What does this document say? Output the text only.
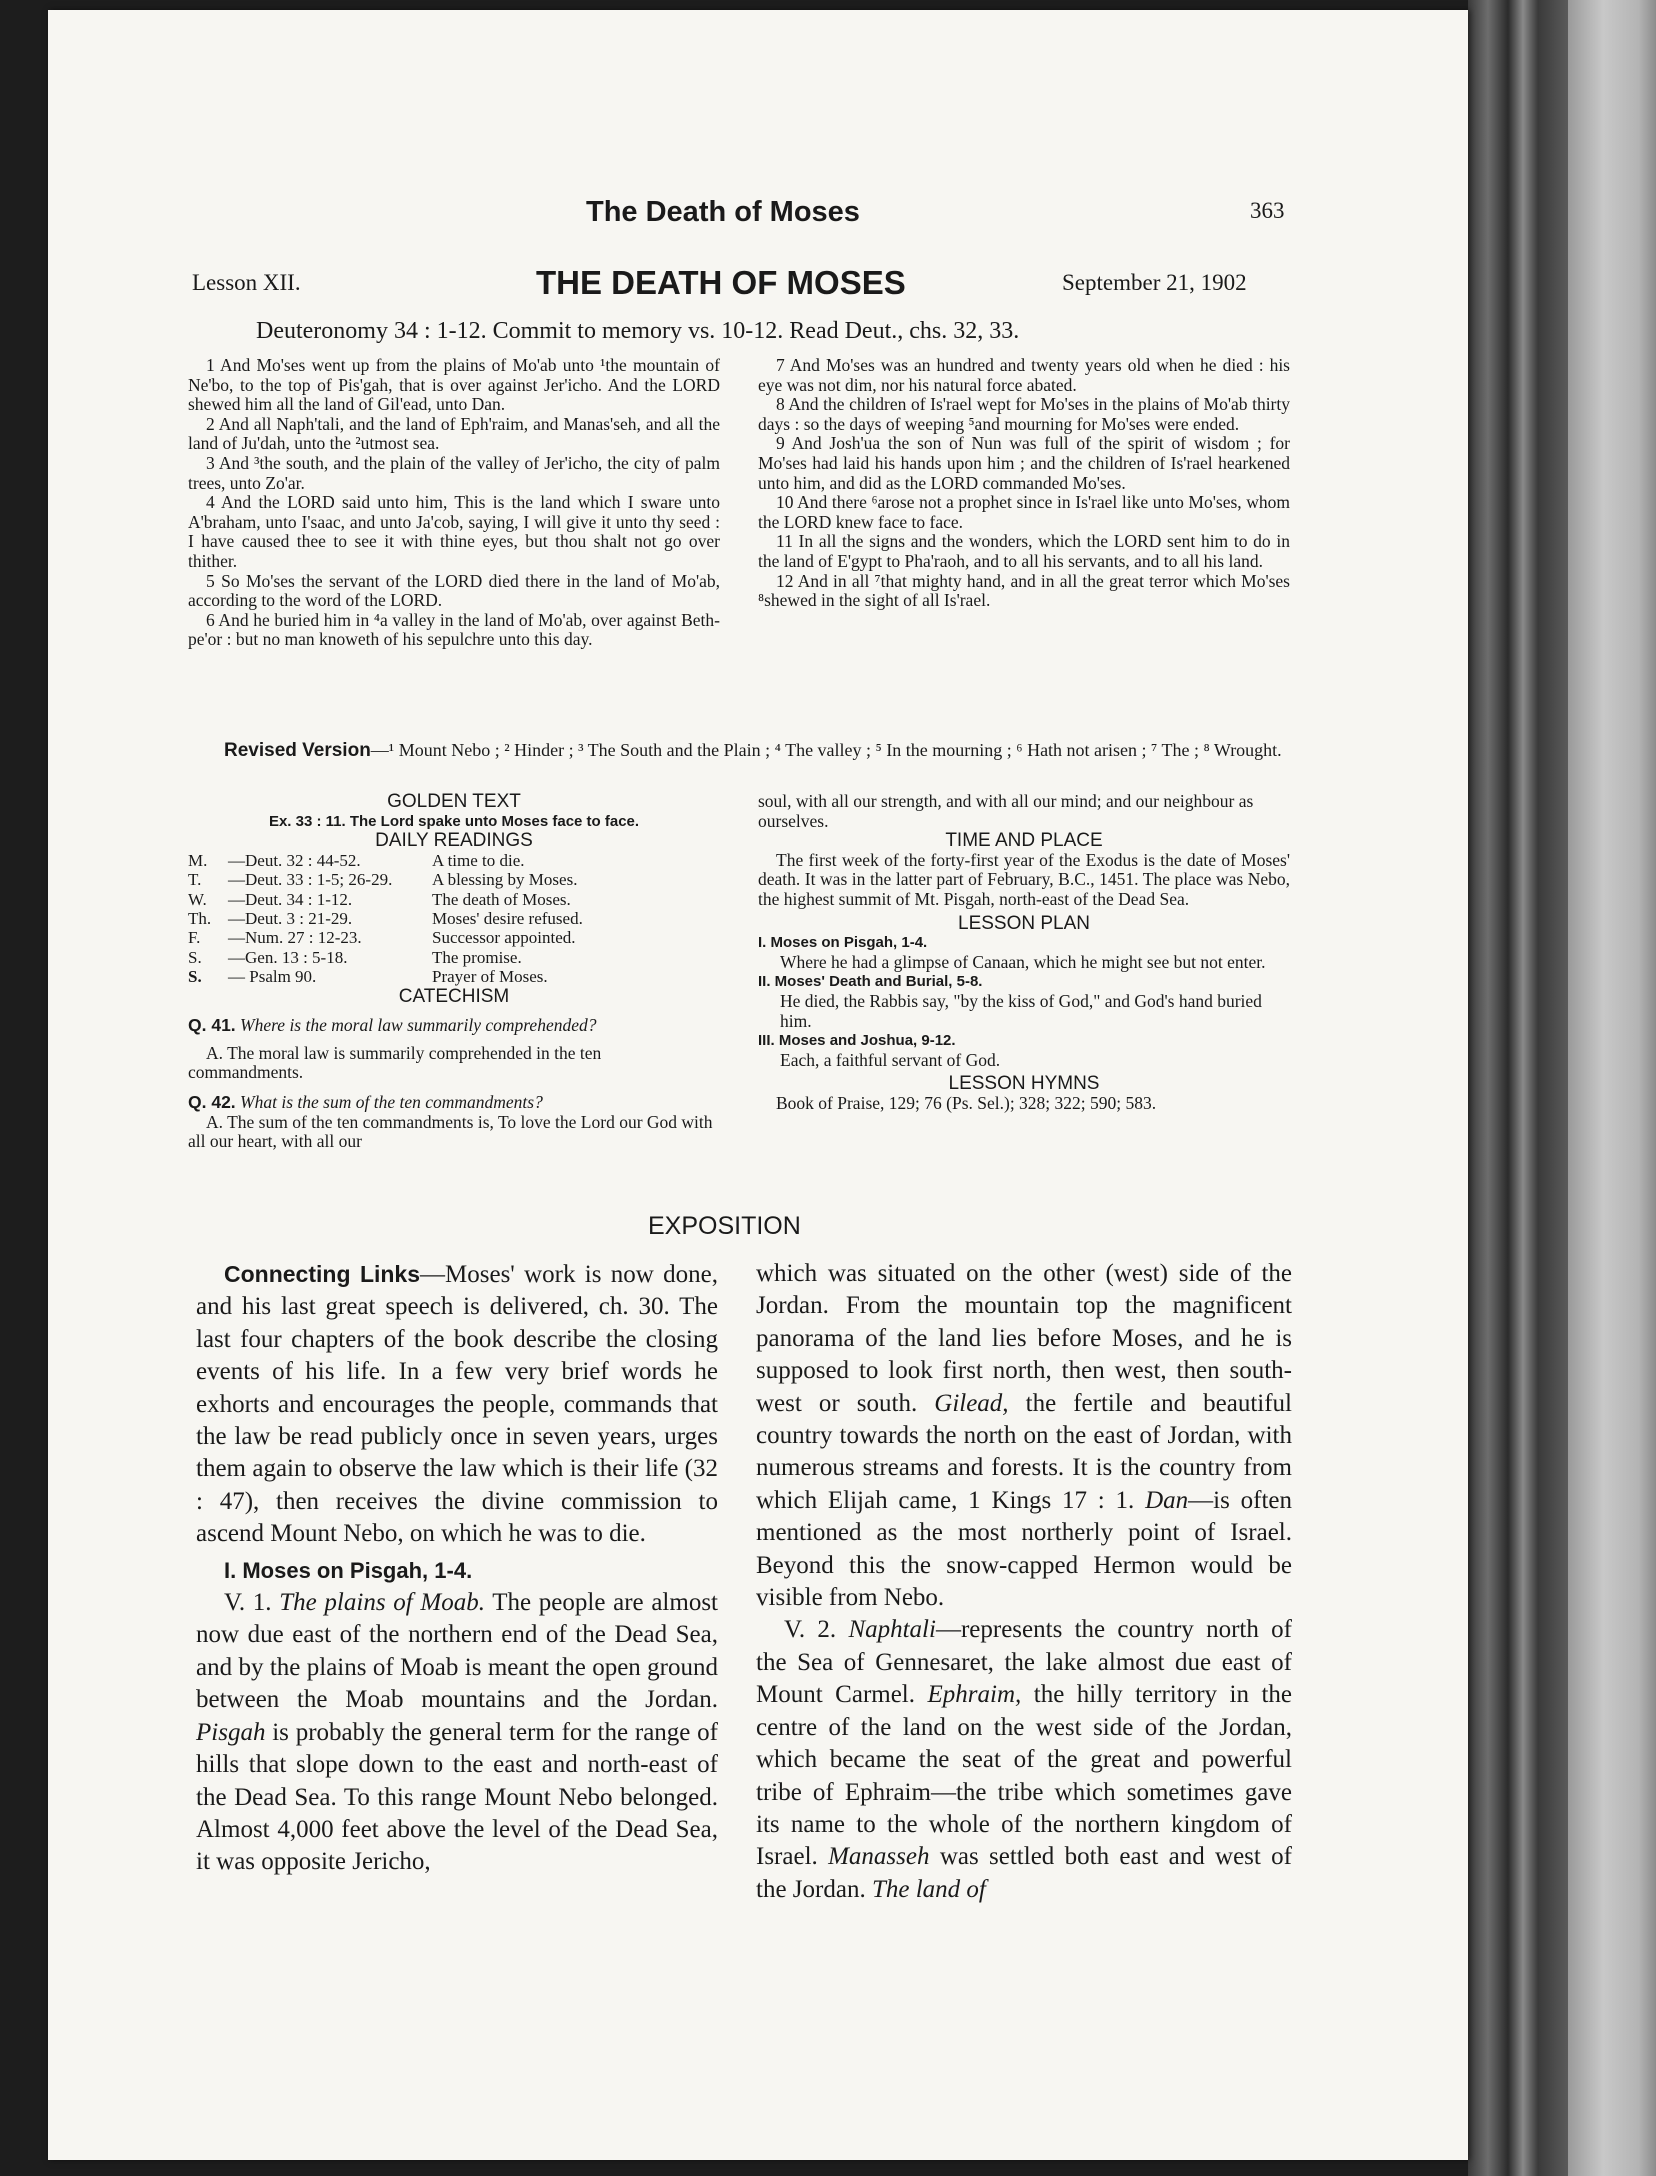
The Death of Moses	363
Lesson XII.	THE DEATH OF MOSES	September 21, 1902
Deuteronomy 34 : 1-12. Commit to memory vs. 10-12. Read Deut., chs. 32, 33.

1 And Mo'ses went up from the plains of Mo'ab unto ¹the mountain of Ne'bo, to the top of Pis'gah, that is over against Jer'icho. And the LORD shewed him all the land of Gil'ead, unto Dan.

2 And all Naph'tali, and the land of Eph'raim, and Manas'seh, and all the land of Ju'dah, unto the ²utmost sea.

3 And ³the south, and the plain of the valley of Jer'icho, the city of palm trees, unto Zo'ar.

4 And the LORD said unto him, This is the land which I sware unto A'braham, unto I'saac, and unto Ja'cob, saying, I will give it unto thy seed : I have caused thee to see it with thine eyes, but thou shalt not go over thither.

5 So Mo'ses the servant of the LORD died there in the land of Mo'ab, according to the word of the LORD.

6 And he buried him in ⁴a valley in the land of Mo'ab, over against Beth-pe'or : but no man knoweth of his sepulchre unto this day.

7 And Mo'ses was an hundred and twenty years old when he died : his eye was not dim, nor his natural force abated.

8 And the children of Is'rael wept for Mo'ses in the plains of Mo'ab thirty days : so the days of weeping ⁵and mourning for Mo'ses were ended.

9 And Josh'ua the son of Nun was full of the spirit of wisdom ; for Mo'ses had laid his hands upon him ; and the children of Is'rael hearkened unto him, and did as the LORD commanded Mo'ses.

10 And there ⁶arose not a prophet since in Is'rael like unto Mo'ses, whom the LORD knew face to face.

11 In all the signs and the wonders, which the LORD sent him to do in the land of E'gypt to Pha'raoh, and to all his servants, and to all his land.

12 And in all ⁷that mighty hand, and in all the great terror which Mo'ses ⁸shewed in the sight of all Is'rael.

Revised Version—¹ Mount Nebo ; ² Hinder ; ³ The South and the Plain ; ⁴ The valley ; ⁵ In the mourning ; ⁶ Hath not arisen ; ⁷ The ; ⁸ Wrought.
GOLDEN TEXT
Ex. 33 : 11. The Lord spake unto Moses face to face.
DAILY READINGS
M.	—Deut. 32 : 44-52.	A time to die.
T.	—Deut. 33 : 1-5; 26-29.	A blessing by Moses.
W.	—Deut. 34 : 1-12.	The death of Moses.
Th.	—Deut. 3 : 21-29.	Moses' desire refused.
F.	—Num. 27 : 12-23.	Successor appointed.
S.	—Gen. 13 : 5-18.	The promise.
S.	— Psalm 90.	Prayer of Moses.
CATECHISM
Q. 41. Where is the moral law summarily comprehended?
A. The moral law is summarily comprehended in the ten commandments.
Q. 42. What is the sum of the ten commandments?
A. The sum of the ten commandments is, To love the Lord our God with all our heart, with all our
soul, with all our strength, and with all our mind; and our neighbour as ourselves.
TIME AND PLACE
The first week of the forty-first year of the Exodus is the date of Moses' death. It was in the latter part of February, B.C., 1451. The place was Nebo, the highest summit of Mt. Pisgah, north-east of the Dead Sea.
LESSON PLAN

I. Moses on Pisgah, 1-4.

Where he had a glimpse of Canaan, which he might see but not enter.

II. Moses' Death and Burial, 5-8.

He died, the Rabbis say, "by the kiss of God," and God's hand buried him.

III. Moses and Joshua, 9-12.

Each, a faithful servant of God.

LESSON HYMNS
Book of Praise, 129; 76 (Ps. Sel.); 328; 322; 590; 583.
EXPOSITION

Connecting Links—Moses' work is now done, and his last great speech is delivered, ch. 30. The last four chapters of the book describe the closing events of his life. In a few very brief words he exhorts and encourages the people, commands that the law be read publicly once in seven years, urges them again to observe the law which is their life (32 : 47), then receives the divine commission to ascend Mount Nebo, on which he was to die.

I. Moses on Pisgah, 1-4.

V. 1. The plains of Moab. The people are almost now due east of the northern end of the Dead Sea, and by the plains of Moab is meant the open ground between the Moab mountains and the Jordan. Pisgah is probably the general term for the range of hills that slope down to the east and north-east of the Dead Sea. To this range Mount Nebo belonged. Almost 4,000 feet above the level of the Dead Sea, it was opposite Jericho,

which was situated on the other (west) side of the Jordan. From the mountain top the magnificent panorama of the land lies before Moses, and he is supposed to look first north, then west, then south-west or south. Gilead, the fertile and beautiful country towards the north on the east of Jordan, with numerous streams and forests. It is the country from which Elijah came, 1 Kings 17 : 1. Dan—is often mentioned as the most northerly point of Israel. Beyond this the snow-capped Hermon would be visible from Nebo.

V. 2. Naphtali—represents the country north of the Sea of Gennesaret, the lake almost due east of Mount Carmel. Ephraim, the hilly territory in the centre of the land on the west side of the Jordan, which became the seat of the great and powerful tribe of Ephraim—the tribe which sometimes gave its name to the whole of the northern kingdom of Israel. Manasseh was settled both east and west of the Jordan. The land of
